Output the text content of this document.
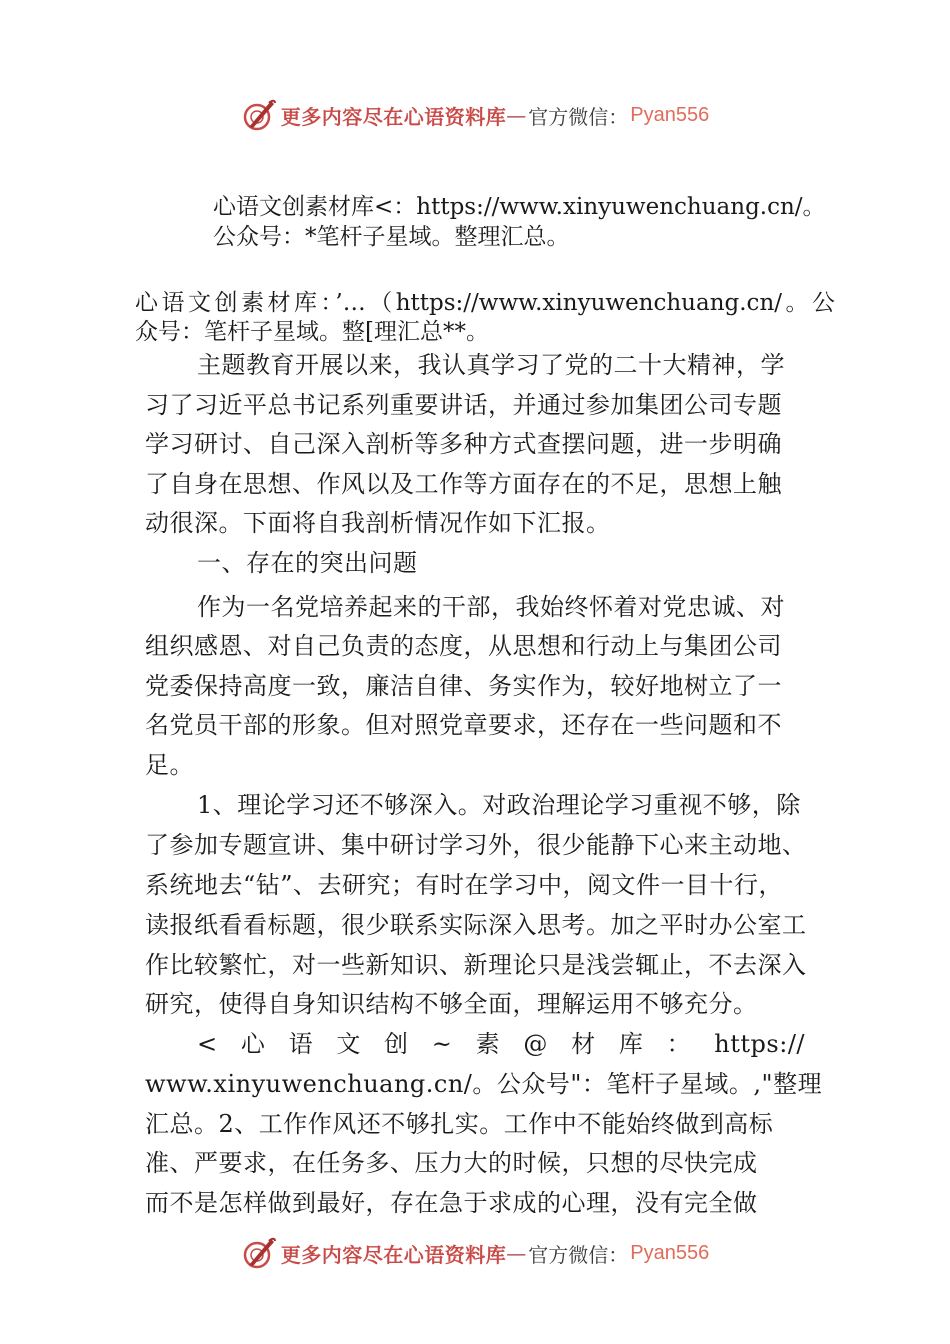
更多内容尽在心语资料库 — 官方微信： Pyan556
心语文创素材库<：https://www.xinyuwenchuang.cn/。
公众号：*笔杆子星域。整理汇总。
心语文创素材库：’…（https://www.xinyuwenchuang.cn/。公
众号：笔杆子星域。整[理汇总**。
主题教育开展以来，我认真学习了党的二十大精神，学
习了习近平总书记系列重要讲话，并通过参加集团公司专题
学习研讨、自己深入剖析等多种方式查摆问题，进一步明确
了自身在思想、作风以及工作等方面存在的不足，思想上触
动很深。下面将自我剖析情况作如下汇报。
一、存在的突出问题
作为一名党培养起来的干部，我始终怀着对党忠诚、对
组织感恩、对自己负责的态度，从思想和行动上与集团公司
党委保持高度一致，廉洁自律、务实作为，较好地树立了一
名党员干部的形象。但对照党章要求，还存在一些问题和不
足。
1、理论学习还不够深入。对政治理论学习重视不够，除
了参加专题宣讲、集中研讨学习外，很少能静下心来主动地、
系统地去“钻”、去研究；有时在学习中，阅文件一目十行，
读报纸看看标题，很少联系实际深入思考。加之平时办公室工
作比较繁忙，对一些新知识、新理论只是浅尝辄止，不去深入
研究，使得自身知识结构不够全面，理解运用不够充分。
<心语文创~素@材库：https://
www.xinyuwenchuang.cn/。公众号"：笔杆子星域。,"整理
汇总。2、工作作风还不够扎实。工作中不能始终做到高标
准、严要求，在任务多、压力大的时候，只想的尽快完成
而不是怎样做到最好，存在急于求成的心理，没有完全做
更多内容尽在心语资料库 — 官方微信： Pyan556
